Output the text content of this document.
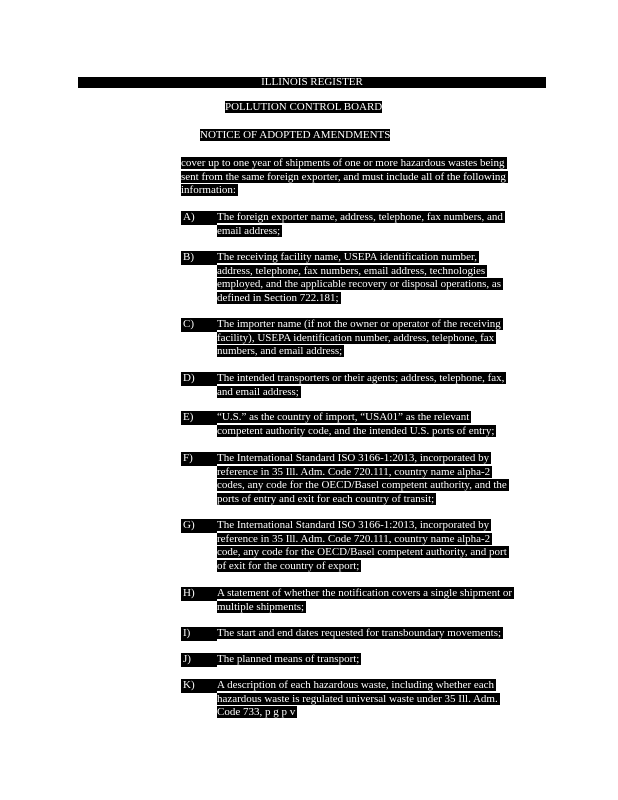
ILLINOIS REGISTER
POLLUTION CONTROL BOARD
NOTICE OF ADOPTED AMENDMENTS
cover up to one year of shipments of one or more hazardous wastes being
sent from the same foreign exporter, and must include all of the following
information:
A)	The foreign exporter name, address, telephone, fax numbers, and
email address;
B)	The receiving facility name, USEPA identification number,
address, telephone, fax numbers, email address, technologies
employed, and the applicable recovery or disposal operations, as
defined in Section 722.181;
C)	The importer name (if not the owner or operator of the receiving
facility), USEPA identification number, address, telephone, fax
numbers, and email address;
D)	The intended transporters or their agents; address, telephone, fax,
and email address;
E)	“U.S.” as the country of import, “USA01” as the relevant
competent authority code, and the intended U.S. ports of entry;
F)	The International Standard ISO 3166-1:2013, incorporated by
reference in 35 Ill. Adm. Code 720.111, country name alpha-2
codes, any code for the OECD/Basel competent authority, and the
ports of entry and exit for each country of transit;
G)	The International Standard ISO 3166-1:2013, incorporated by
reference in 35 Ill. Adm. Code 720.111, country name alpha-2
code, any code for the OECD/Basel competent authority, and port
of exit for the country of export;
H)	A statement of whether the notification covers a single shipment or
multiple shipments;
I)	The start and end dates requested for transboundary movements;
J)	The planned means of transport;
K)	A description of each hazardous waste, including whether each
hazardous waste is regulated universal waste under 35 Ill. Adm.
Code 733, p g p v
